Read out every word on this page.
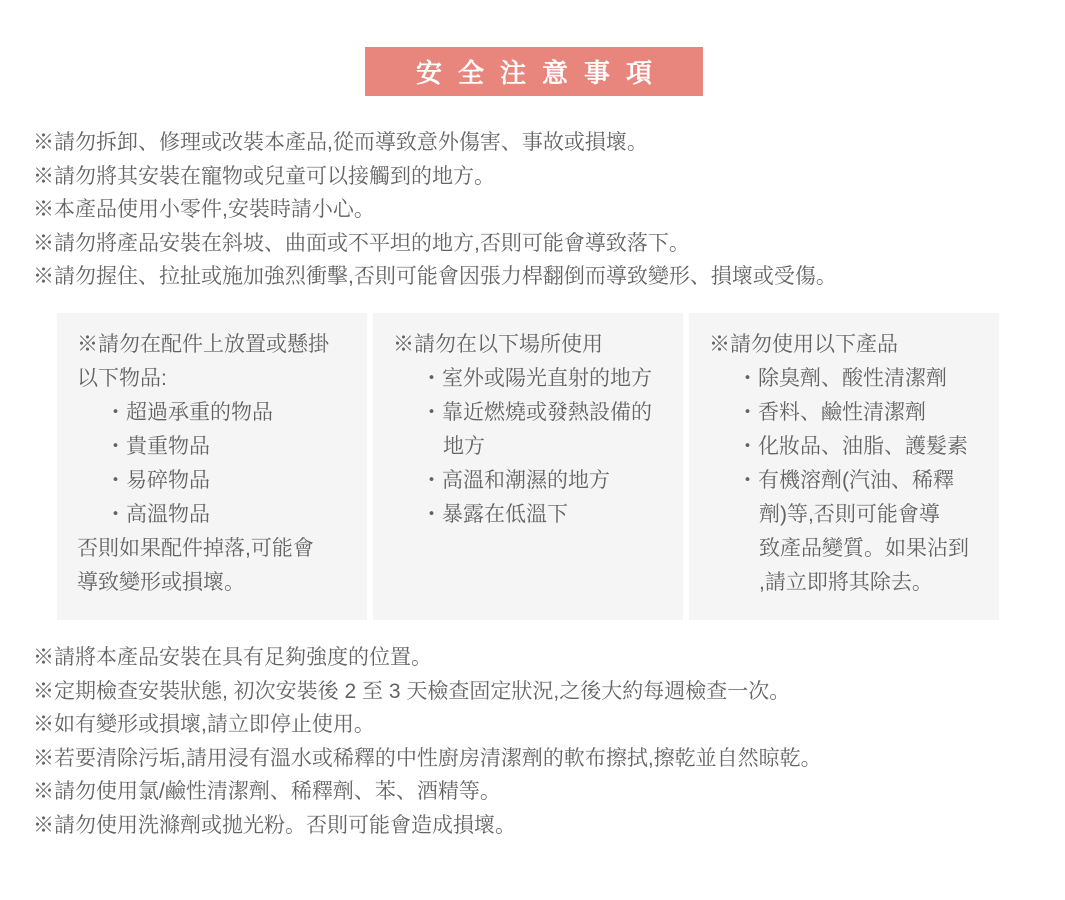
安全注意事項

※請勿拆卸、修理或改裝本產品,從而導致意外傷害、事故或損壞。

※請勿將其安裝在寵物或兒童可以接觸到的地方。

※本產品使用小零件,安裝時請小心。

※請勿將產品安裝在斜坡、曲面或不平坦的地方,否則可能會導致落下。

※請勿握住、拉扯或施加強烈衝擊,否則可能會因張力桿翻倒而導致變形、損壞或受傷。

※請勿在配件上放置或懸掛

以下物品:

・超過承重的物品

・貴重物品

・易碎物品

・高溫物品

否則如果配件掉落,可能會

導致變形或損壞。

※請勿在以下場所使用

・室外或陽光直射的地方

・靠近燃燒或發熱設備的

地方

・高溫和潮濕的地方

・暴露在低溫下

※請勿使用以下產品

・除臭劑、酸性清潔劑

・香料、鹼性清潔劑

・化妝品、油脂、護髮素

・有機溶劑(汽油、稀釋

劑)等,否則可能會導

致產品變質。如果沾到

,請立即將其除去。

※請將本產品安裝在具有足夠強度的位置。

※定期檢查安裝狀態, 初次安裝後 2 至 3 天檢查固定狀況,之後大約每週檢查一次。

※如有變形或損壞,請立即停止使用。

※若要清除污垢,請用浸有溫水或稀釋的中性廚房清潔劑的軟布擦拭,擦乾並自然晾乾。

※請勿使用氯/鹼性清潔劑、稀釋劑、苯、酒精等。

※請勿使用洗滌劑或拋光粉。否則可能會造成損壞。
